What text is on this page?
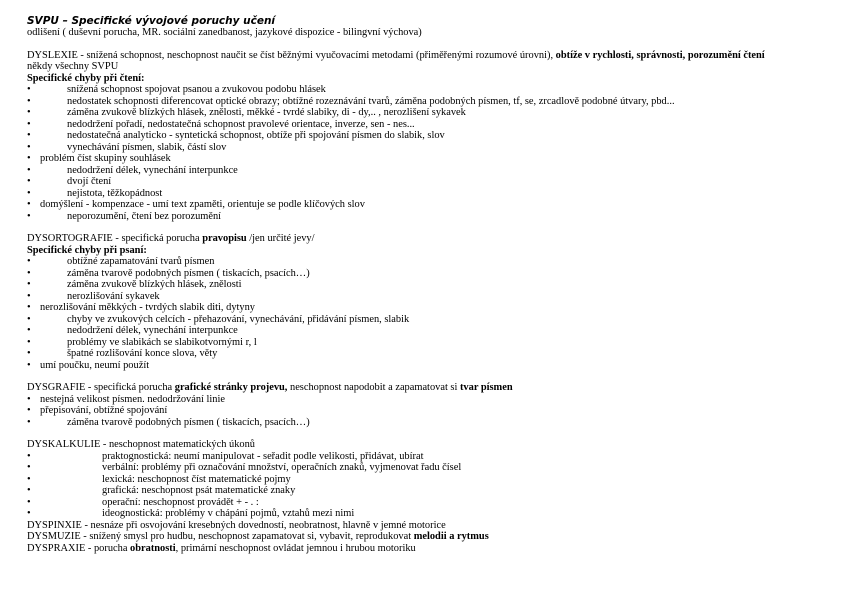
SVPU – Specifické vývojové poruchy učení
odlišení ( duševní porucha, MR. sociální zanedbanost, jazykové dispozice - bilingvní výchova)
DYSLEXIE - snížená schopnost, neschopnost naučit se číst běžnými vyučovacími metodami (přiměřenými rozumové úrovni), obtíže v rychlosti, správnosti, porozumění čtení
někdy všechny SVPU
Specifické chyby při čtení:
•	snížená schopnost spojovat psanou a zvukovou podobu hlásek
•	nedostatek schopnosti diferencovat optické obrazy; obtížné rozeznávání tvarů, záměna podobných písmen, tf, se, zrcadlově podobné útvary, pbd...
•	záměna zvukově blízkých hlásek, znělosti, měkké - tvrdé slabiky, di - dy,.. , nerozlišení sykavek
•	nedodržení pořadí, nedostatečná schopnost pravolevé orientace, inverze, sen - nes...
•	nedostatečná analyticko - syntetická schopnost, obtíže při spojování písmen do slabik, slov
•	vynechávání písmen, slabik, částí slov
• problém číst skupiny souhlásek
•	nedodržení délek, vynechání interpunkce
•	dvojí čtení
•	nejistota, těžkopádnost
• domýšlení - kompenzace - umí text zpaměti, orientuje se podle klíčových slov
•	neporozumění, čtení bez porozumění
DYSORTOGRAFIE - specifická porucha pravopisu /jen určité jevy/
Specifické chyby při psaní:
•	obtížné zapamatování tvarů písmen
•	záměna tvarově podobných písmen ( tiskacích, psacích…)
•	záměna zvukově blízkých hlásek, znělosti
•	nerozlišování sykavek
• nerozlišování měkkých - tvrdých slabik diti, dytyny
•	chyby ve zvukových celcích - přehazování, vynechávání, přidávání písmen, slabik
•	nedodržení délek, vynechání interpunkce
•	problémy ve slabikách se slabikotvornými r, l
•	špatné rozlišování konce slova, věty
• umí poučku, neumí použít
DYSGRAFIE - specifická porucha grafické stránky projevu, neschopnost napodobit a zapamatovat si tvar písmen
• nestejná velikost písmen. nedodržování linie
• přepisování, obtížné spojování
•	záměna tvarově podobných písmen ( tiskacích, psacích…)
DYSKALKULIE - neschopnost matematických úkonů
•	praktognostická: neumí manipulovat - seřadit podle velikosti, přidávat, ubírat
•	verbální: problémy při označování množství, operačních znaků, vyjmenovat řadu čísel
•	lexická: neschopnost číst matematické pojmy
•	grafická: neschopnost psát matematické znaky
•	operační: neschopnost provádět + - . :
•	ideognostická: problémy v chápání pojmů, vztahů mezi nimi
DYSPINXIE - nesnáze při osvojování kresebných dovedností, neobratnost, hlavně v jemné motorice
DYSMUZIE - snížený smysl pro hudbu, neschopnost zapamatovat si, vybavit, reprodukovat melodii a rytmus
DYSPRAXIE - porucha obratnosti, primární neschopnost ovládat jemnou i hrubou motoriku
